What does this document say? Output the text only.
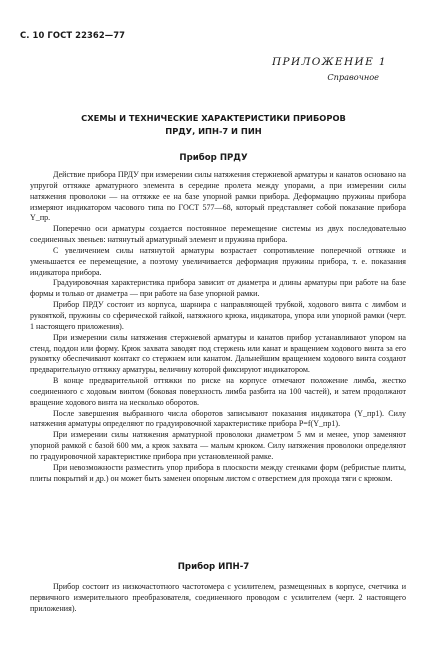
С. 10 ГОСТ 22362—77
ПРИЛОЖЕНИЕ 1
Справочное
СХЕМЫ И ТЕХНИЧЕСКИЕ ХАРАКТЕРИСТИКИ ПРИБОРОВ
ПРДУ, ИПН-7 И ПИН
Прибор ПРДУ

Действие прибора ПРДУ при измерении силы натяжения стержневой арматуры и канатов основано на упругой оттяжке арматурного элемента в середине пролета между упорами, а при измерении силы натяжения проволоки — на оттяжке ее на базе упорной рамки прибора. Деформацию пружины прибора измеряют индикатором часового типа по ГОСТ 577—68, который представляет собой показание прибора Y_пр.

Поперечно оси арматуры создается постоянное перемещение системы из двух последовательно соединенных звеньев: натянутый арматурный элемент и пружина прибора.

С увеличением силы натянутой арматуры возрастает сопротивление поперечной оттяжке и уменьшается ее перемещение, а поэтому увеличивается деформация пружины прибора, т. е. показания индикатора прибора.

Градуировочная характеристика прибора зависит от диаметра и длины арматуры при работе на базе формы и только от диаметра — при работе на базе упорной рамки.

Прибор ПРДУ состоит из корпуса, шарнира с направляющей трубкой, ходового винта с лимбом и рукояткой, пружины со сферической гайкой, натяжного крюка, индикатора, упора или упорной рамки (черт. 1 настоящего приложения).

При измерении силы натяжения стержневой арматуры и канатов прибор устанавливают упором на стенд, поддон или форму. Крюк захвата заводят под стержень или канат и вращением ходового винта за его рукоятку обеспечивают контакт со стержнем или канатом. Дальнейшим вращением ходового винта создают предварительную оттяжку арматуры, величину которой фиксируют индикатором.

В конце предварительной оттяжки по риске на корпусе отмечают положение лимба, жестко соединенного с ходовым винтом (боковая поверхность лимба разбита на 100 частей), и затем продолжают вращение ходового винта на несколько оборотов.

После завершения выбранного числа оборотов записывают показания индикатора (Y_пр1). Силу натяжения арматуры определяют по градуировочной характеристике прибора P=f(Y_пр1).

При измерении силы натяжения арматурной проволоки диаметром 5 мм и менее, упор заменяют упорной рамкой с базой 600 мм, а крюк захвата — малым крюком. Силу натяжения проволоки определяют по градуировочной характеристике прибора при установленной рамке.

При невозможности разместить упор прибора в плоскости между стенками форм (ребристые плиты, плиты покрытий и др.) он может быть заменен опорным листом с отверстием для прохода тяги с крюком.

Прибор ИПН-7

Прибор состоит из низкочастотного частотомера с усилителем, размещенных в корпусе, счетчика и первичного измерительного преобразователя, соединенного проводом с усилителем (черт. 2 настоящего приложения).
